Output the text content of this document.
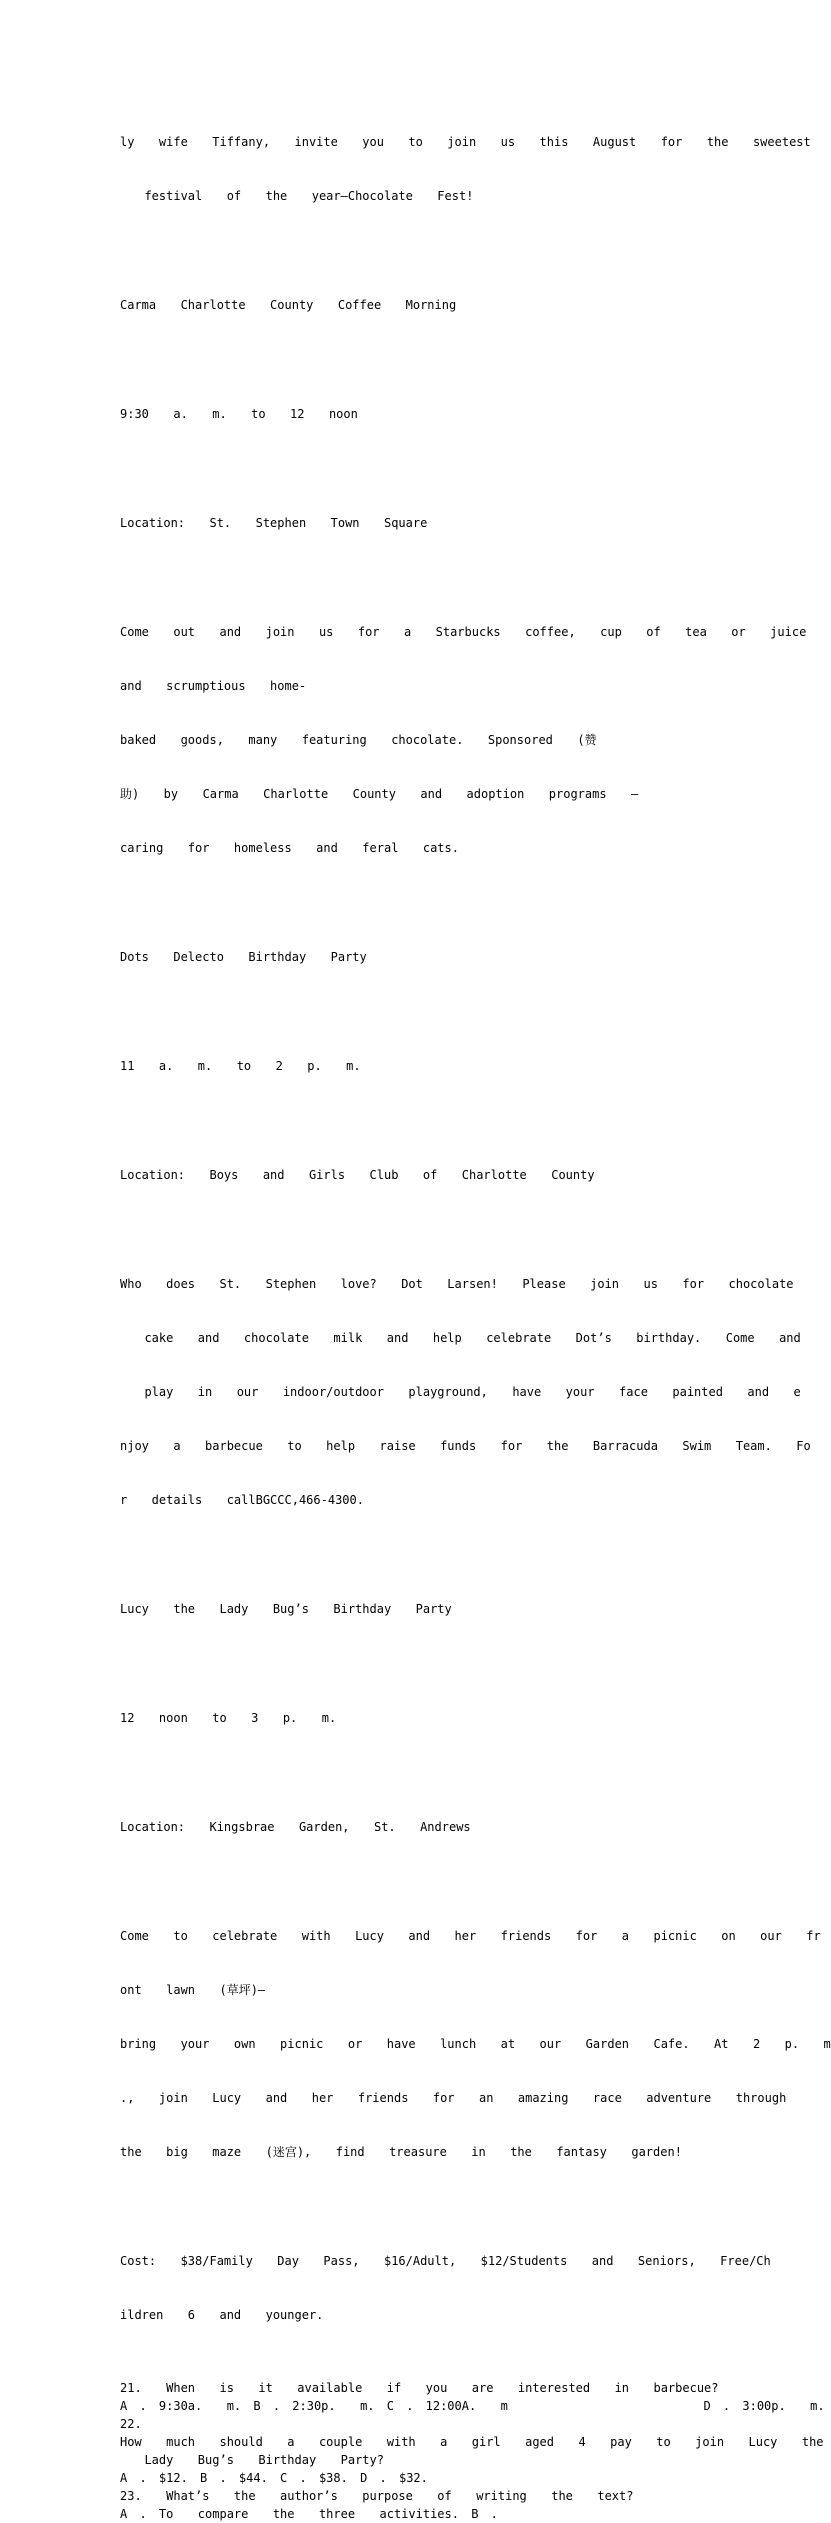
ly  wife  Tiffany,  invite  you  to  join  us  this  August  for  the  sweetest

festival  of  the  year—Chocolate  Fest!

Carma  Charlotte  County  Coffee  Morning

9:30  a.  m.  to  12  noon

Location:  St.  Stephen  Town  Square

Come  out  and  join  us  for  a  Starbucks  coffee,  cup  of  tea  or  juice

and  scrumptious  home-

baked  goods,  many  featuring  chocolate.  Sponsored  (赞

助)  by  Carma  Charlotte  County  and  adoption  programs  —

caring  for  homeless  and  feral  cats.

Dots  Delecto  Birthday  Party

11  a.  m.  to  2  p.  m.

Location:  Boys  and  Girls  Club  of  Charlotte  County

Who  does  St.  Stephen  love?  Dot  Larsen!  Please  join  us  for  chocolate

cake  and  chocolate  milk  and  help  celebrate  Dot’s  birthday.  Come  and

play  in  our  indoor/outdoor  playground,  have  your  face  painted  and  e

njoy  a  barbecue  to  help  raise  funds  for  the  Barracuda  Swim  Team.  Fo

r  details  callBGCCC,466-4300.

Lucy  the  Lady  Bug’s  Birthday  Party

12  noon  to  3  p.  m.

Location:  Kingsbrae  Garden,  St.  Andrews

Come  to  celebrate  with  Lucy  and  her  friends  for  a  picnic  on  our  fr

ont  lawn  (草坪)—

bring  your  own  picnic  or  have  lunch  at  our  Garden  Cafe.  At  2  p.  m

.,  join  Lucy  and  her  friends  for  an  amazing  race  adventure  through

the  big  maze  (迷宫),  find  treasure  in  the  fantasy  garden!

Cost:  $38/Family  Day  Pass,  $16/Adult,  $12/Students  and  Seniors,  Free/Ch

ildren  6  and  younger.

21.  When  is  it  available  if  you  are  interested  in  barbecue?
A . 9:30a.  m. B . 2:30p.  m. C . 12:00A.  m                D . 3:00p.  m.
22.
How  much  should  a  couple  with  a  girl  aged  4  pay  to  join  Lucy  the
Lady  Bug’s  Birthday  Party?
A . $12. B . $44. C . $38. D . $32.
23.  What’s  the  author’s  purpose  of  writing  the  text?
A . To  compare  the  three  activities. B .
